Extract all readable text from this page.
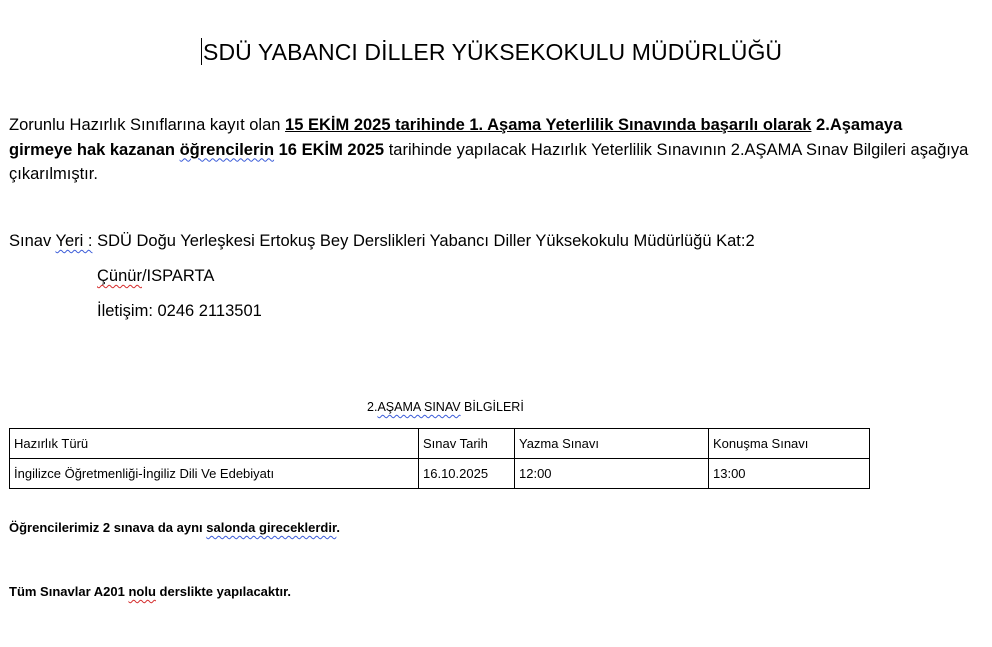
SDÜ YABANCI DİLLER YÜKSEKOKULU MÜDÜRLÜĞÜ
Zorunlu Hazırlık Sınıflarına kayıt olan 15 EKİM 2025 tarihinde 1. Aşama Yeterlilik Sınavında başarılı olarak 2.Aşamaya girmeye hak kazanan öğrencilerin 16 EKİM 2025 tarihinde yapılacak Hazırlık Yeterlilik Sınavının 2.AŞAMA Sınav Bilgileri aşağıya çıkarılmıştır.
Sınav Yeri : SDÜ Doğu Yerleşkesi Ertokuş Bey Derslikleri Yabancı Diller Yüksekokulu Müdürlüğü Kat:2
Çünür/ISPARTA
İletişim: 0246 2113501
2.AŞAMA SINAV BİLGİLERİ
Hazırlık Türü	Sınav Tarih	Yazma Sınavı	Konuşma Sınavı
İngilizce Öğretmenliği-İngiliz Dili Ve Edebiyatı	16.10.2025	12:00	13:00
Öğrencilerimiz 2 sınava da aynı salonda gireceklerdir.
Tüm Sınavlar A201 nolu derslikte yapılacaktır.
